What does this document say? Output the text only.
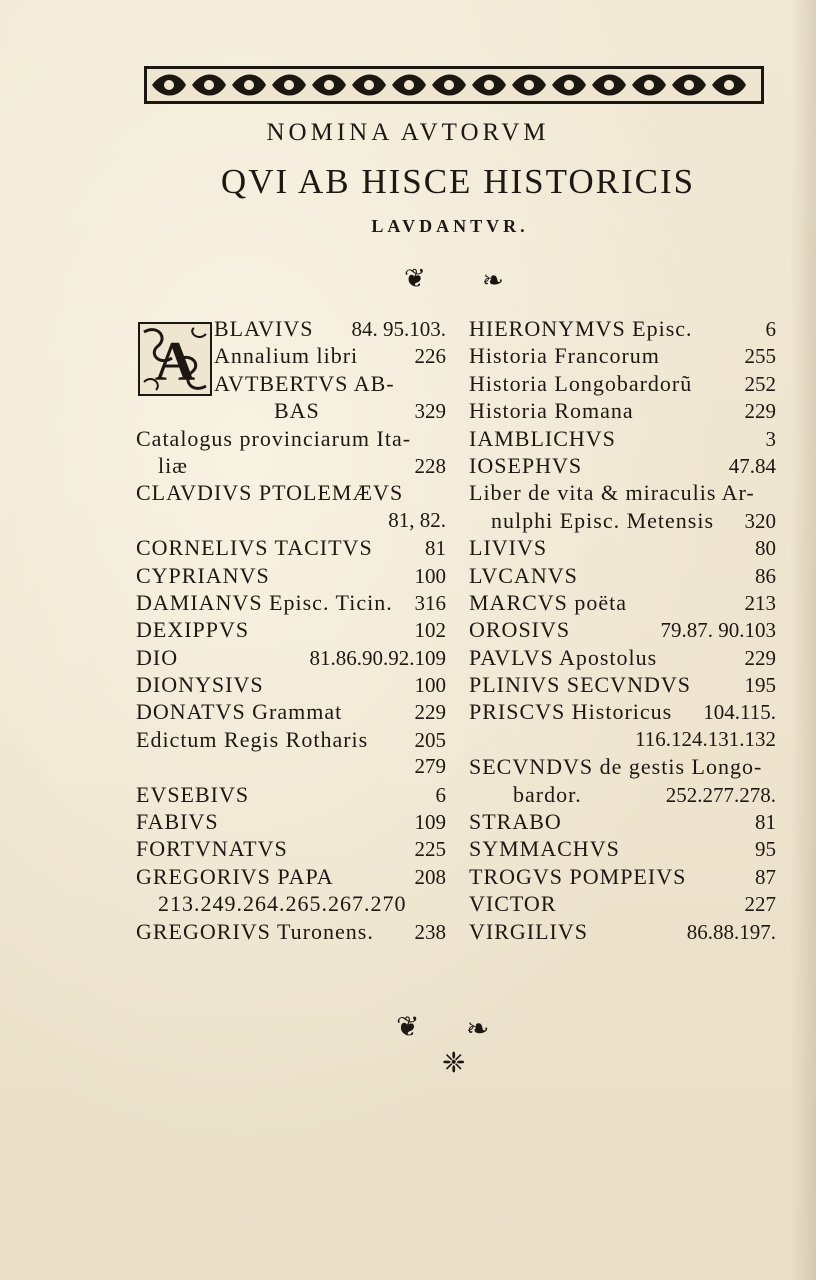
NOMINA AVTORVM
QVI AB HISCE HISTORICIS
LAVDANTVR.
❦ ❧
A
BLAVIVS 84. 95.103.
Annalium libri	226
AVTBERTVS AB-
BAS	329
Catalogus provinciarum Ita-
liæ	228
CLAVDIVS PTOLEMÆVS
81, 82.
CORNELIVS TACITVS 81
CYPRIANVS	100
DAMIANVS Episc. Ticin. 316
DEXIPPVS	102
DIO	81.86.90.92.109
DIONYSIVS	100
DONATVS Grammat	229
Edictum Regis Rotharis 205
279
EVSEBIVS	6
FABIVS	109
FORTVNATVS	225
GREGORIVS PAPA	208
213.249.264.265.267.270
GREGORIVS Turonens. 238
HIERONYMVS Episc.	6
Historia Francorum	255
Historia Longobardorũ 252
Historia Romana	229
IAMBLICHVS	3
IOSEPHVS	47.84
Liber de vita & miraculis Ar-
nulphi Episc. Metensis 320
LIVIVS	80
LVCANVS	86
MARCVS poëta	213
OROSIVS	79.87. 90.103
PAVLVS Apostolus	229
PLINIVS SECVNDVS	195
PRISCVS Historicus 104.115.
116.124.131.132
SECVNDVS de gestis Longo-
bardor.	252.277.278.
STRABO	81
SYMMACHVS	95
TROGVS POMPEIVS	87
VICTOR	227
VIRGILIVS	86.88.197.
❦ ❧
❈
